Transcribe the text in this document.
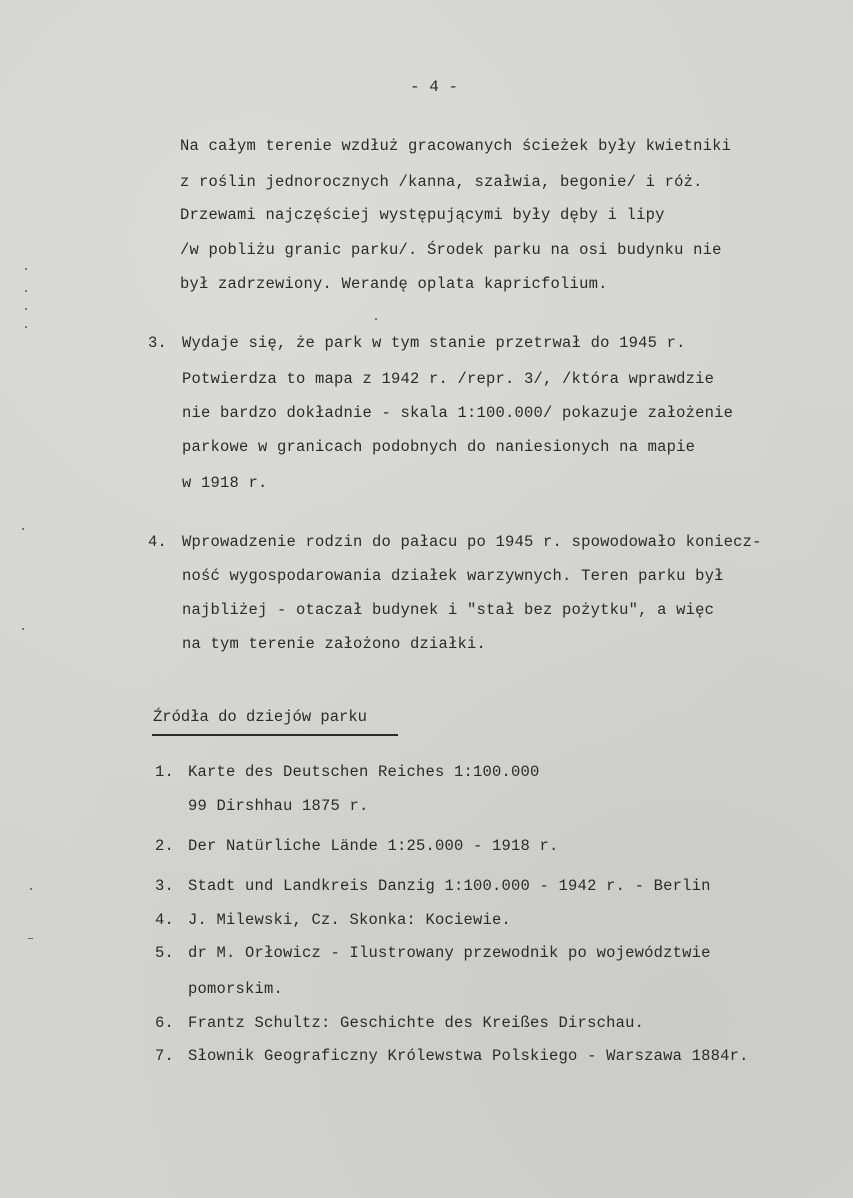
- 4 -
Na całym terenie wzdłuż gracowanych ścieżek były kwietniki
z roślin jednorocznych /kanna, szałwia, begonie/ i róż.
Drzewami najczęściej występującymi były dęby i lipy
/w pobliżu granic parku/. Środek parku na osi budynku nie
był zadrzewiony. Werandę oplata kapricfolium.
3. Wydaje się, że park w tym stanie przetrwał do 1945 r.
Potwierdza to mapa z 1942 r. /repr. 3/, /która wprawdzie
nie bardzo dokładnie - skala 1:100.000/ pokazuje założenie
parkowe w granicach podobnych do naniesionych na mapie
w 1918 r.
4. Wprowadzenie rodzin do pałacu po 1945 r. spowodowało koniecz-
ność wygospodarowania działek warzywnych. Teren parku był
najbliżej - otaczał budynek i "stał bez pożytku", a więc
na tym terenie założono działki.
Źródła do dziejów parku
1. Karte des Deutschen Reiches 1:100.000
99 Dirshhau 1875 r.
2. Der Natürliche Lände 1:25.000 - 1918 r.
3. Stadt und Landkreis Danzig 1:100.000 - 1942 r. - Berlin
4. J. Milewski, Cz. Skonka: Kociewie.
5. dr M. Orłowicz - Ilustrowany przewodnik po województwie
pomorskim.
6. Frantz Schultz: Geschichte des Kreißes Dirschau.
7. Słownik Geograficzny Królewstwa Polskiego - Warszawa 1884r.
